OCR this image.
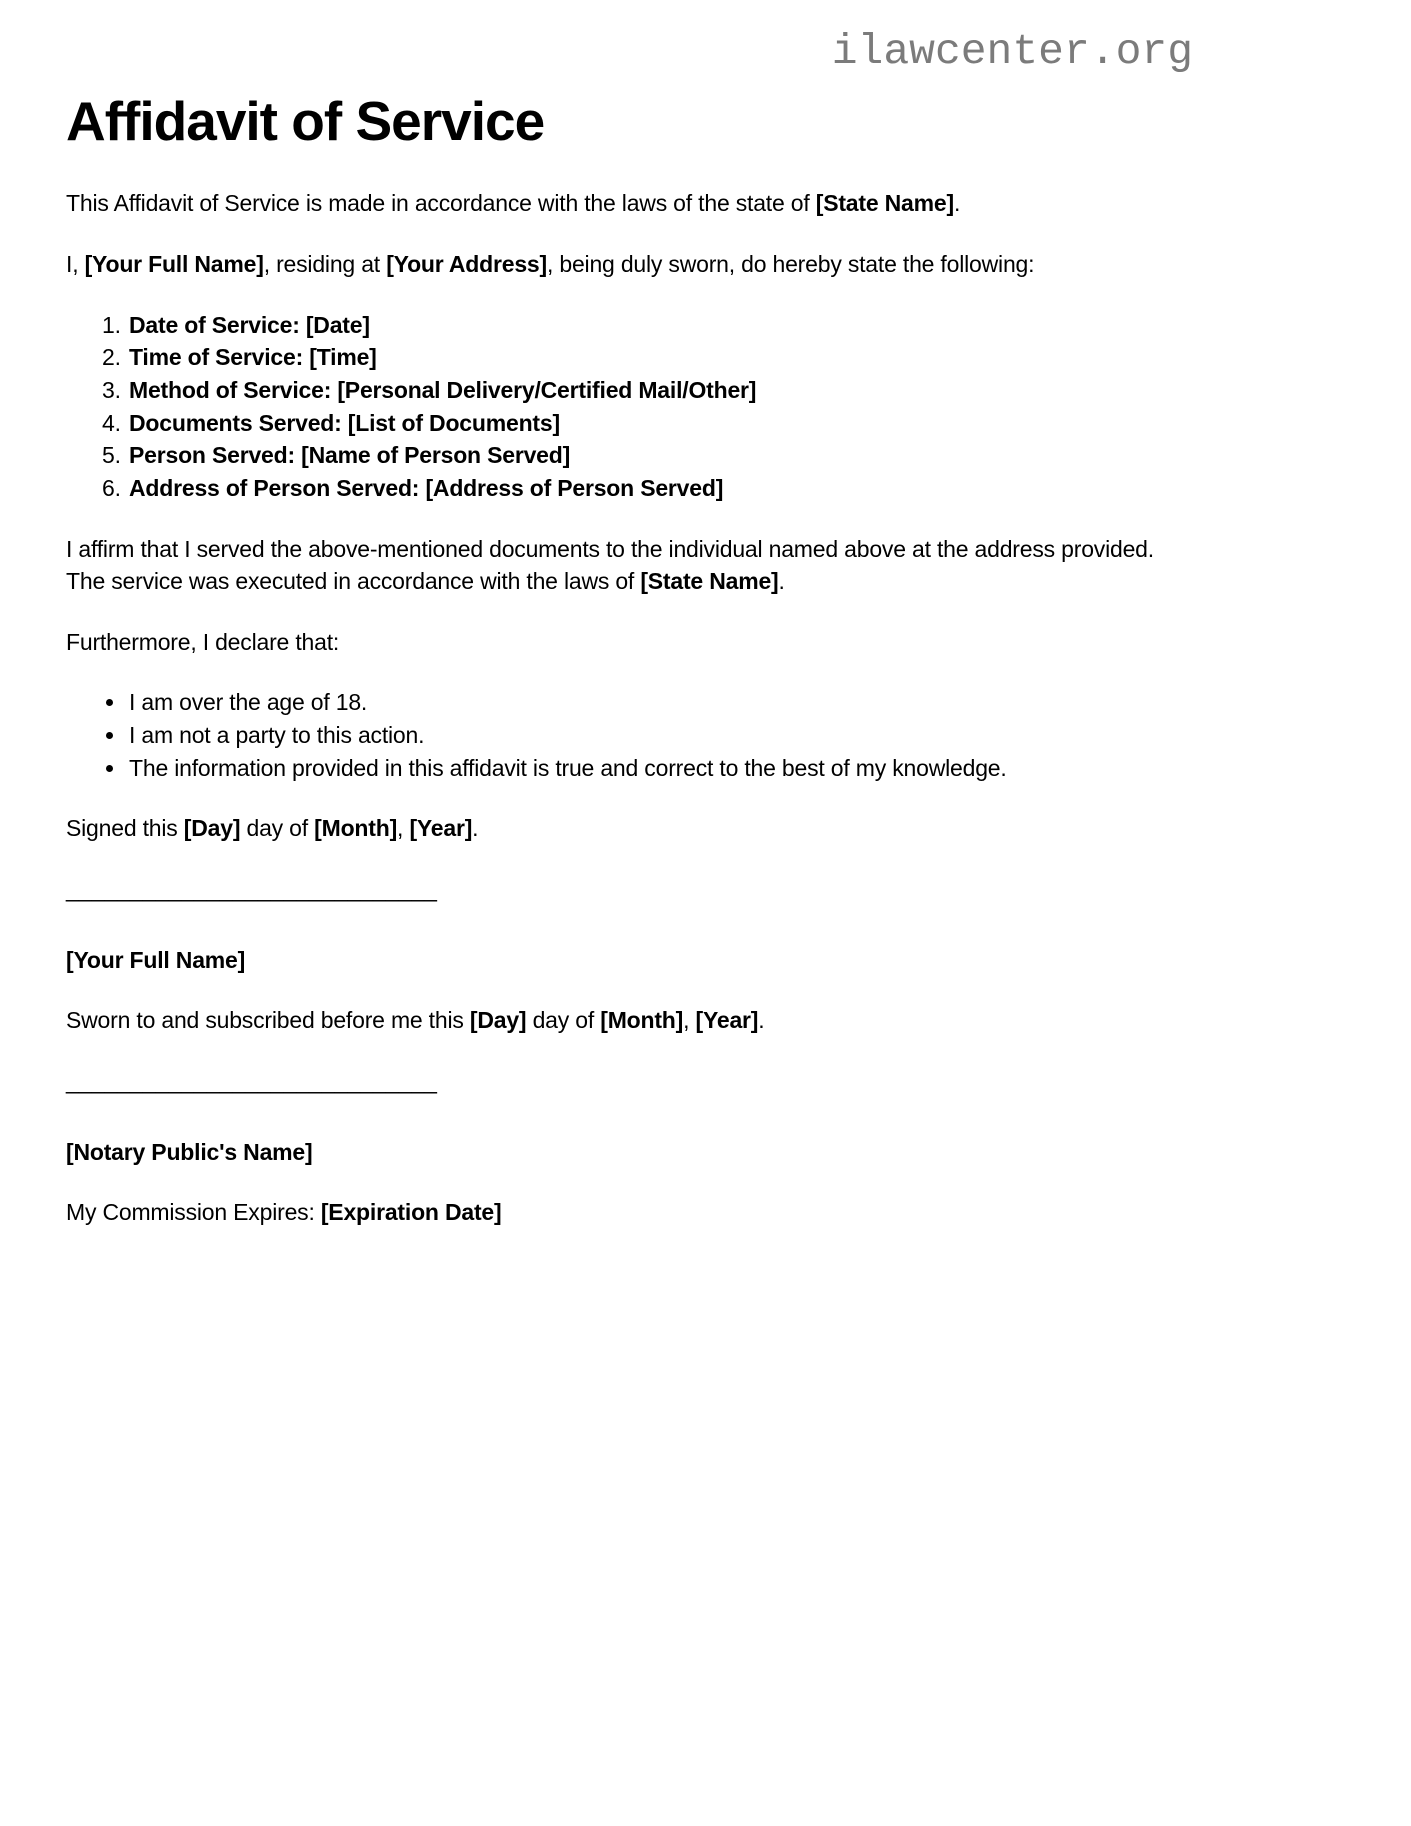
ilawcenter.org
Affidavit of Service

This Affidavit of Service is made in accordance with the laws of the state of [State Name].

I, [Your Full Name], residing at [Your Address], being duly sworn, do hereby state the following:

1. Date of Service: [Date]
2. Time of Service: [Time]
3. Method of Service: [Personal Delivery/Certified Mail/Other]
4. Documents Served: [List of Documents]
5. Person Served: [Name of Person Served]
6. Address of Person Served: [Address of Person Served]

I affirm that I served the above-mentioned documents to the individual named above at the address provided. The service was executed in accordance with the laws of [State Name].

Furthermore, I declare that:

• I am over the age of 18.
• I am not a party to this action.
• The information provided in this affidavit is true and correct to the best of my knowledge.

Signed this [Day] day of [Month], [Year].

_____________________________

[Your Full Name]

Sworn to and subscribed before me this [Day] day of [Month], [Year].

_____________________________

[Notary Public's Name]

My Commission Expires: [Expiration Date]
